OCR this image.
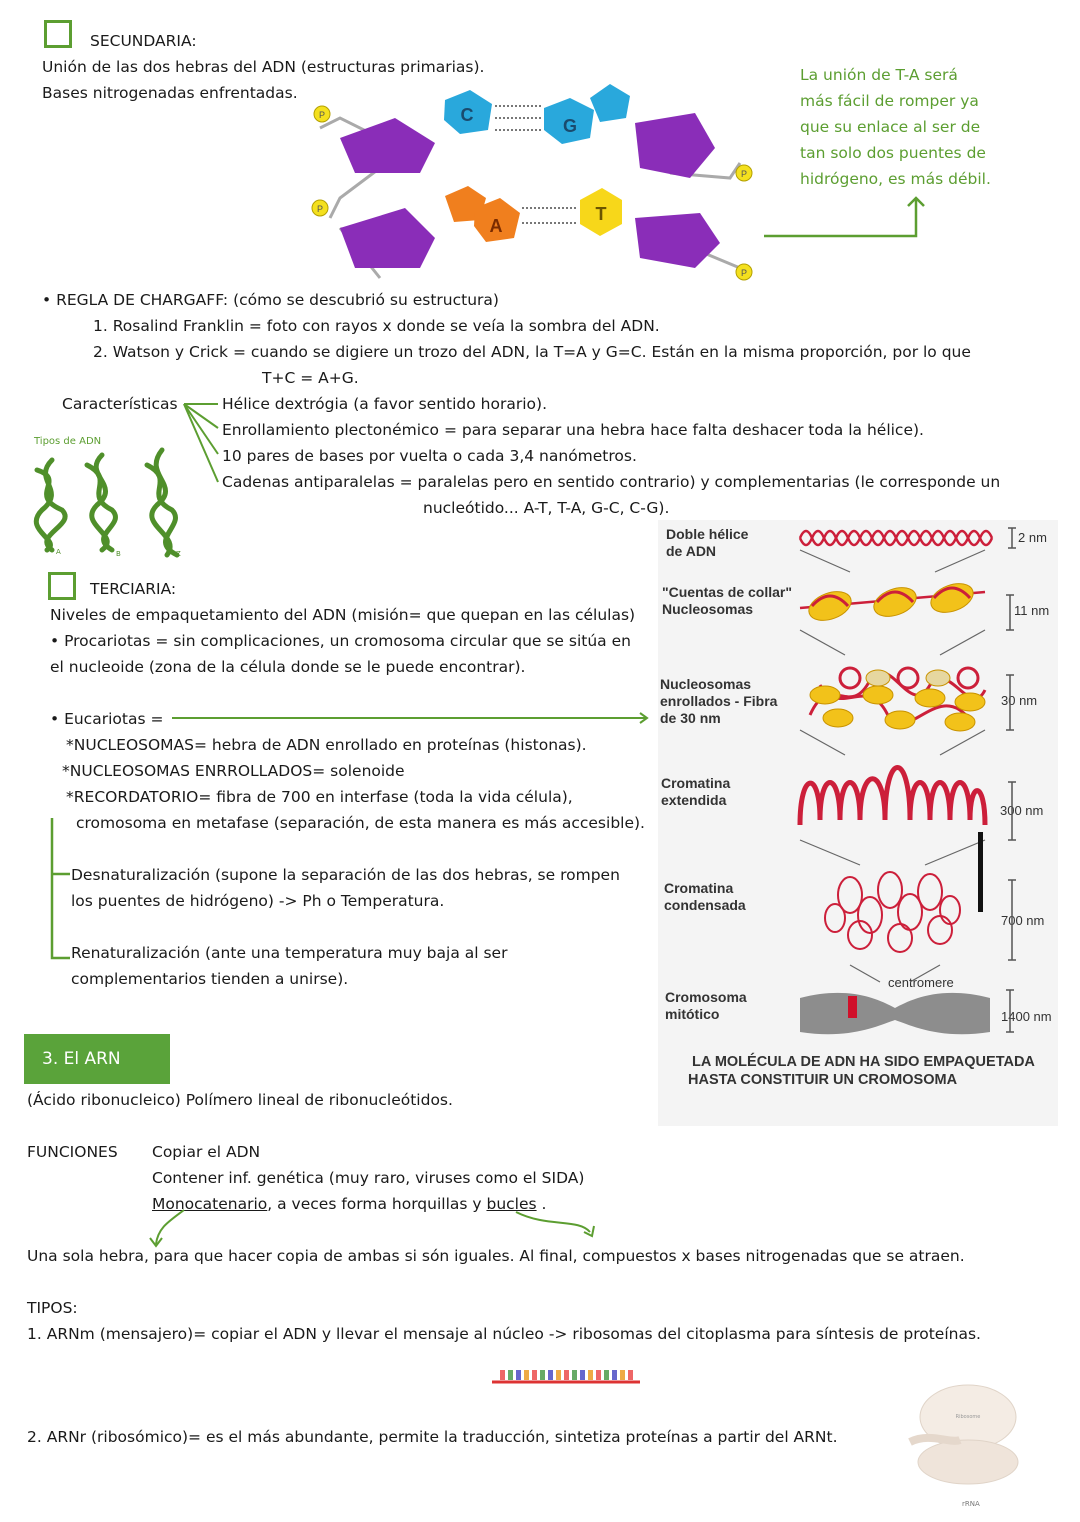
SECUNDARIA:
Unión de las dos hebras del ADN (estructuras primarias).
Bases nitrogenadas enfrentadas.
C
G
A
T
P
P
P
P
La unión de T-A será
más fácil de romper ya
que su enlace al ser de
tan solo dos puentes de
hidrógeno, es más débil.
• REGLA DE CHARGAFF: (cómo se descubrió su estructura)
1. Rosalind Franklin = foto con rayos x donde se veía la sombra del ADN.
2. Watson y Crick = cuando se digiere un trozo del ADN, la T=A y G=C. Están en la misma proporción, por lo que
T+C = A+G.
Características	Hélice dextrógia (a favor sentido horario).
Enrollamiento plectonémico = para separar una hebra hace falta deshacer toda la hélice).
10 pares de bases por vuelta o cada 3,4 nanómetros.
Cadenas antiparalelas = paralelas pero en sentido contrario) y complementarias (le corresponde un
nucleótido... A-T, T-A, G-C, C-G).
Tipos de ADN
A	B	Z
TERCIARIA:
Niveles de empaquetamiento del ADN (misión= que quepan en las células)
• Procariotas = sin complicaciones, un cromosoma circular que se sitúa en
el nucleoide (zona de la célula donde se le puede encontrar).
• Eucariotas =
*NUCLEOSOMAS= hebra de ADN enrollado en proteínas (histonas).
*NUCLEOSOMAS ENRROLLADOS= solenoide
*RECORDATORIO= fibra de 700 en interfase (toda la vida célula),
cromosoma en metafase (separación, de esta manera es más accesible).
Desnaturalización (supone la separación de las dos hebras, se rompen
los puentes de hidrógeno) -> Ph o Temperatura.
Renaturalización (ante una temperatura muy baja al ser
complementarios tienden a unirse).
Doble hélice
de ADN
"Cuentas de collar"
Nucleosomas
Nucleosomas
enrollados - Fibra
de 30 nm
Cromatina
extendida
Cromatina
condensada
Cromosoma
mitótico
2 nm
11 nm
30 nm
300 nm
700 nm
1400 nm
centromere
LA MOLÉCULA DE ADN HA SIDO EMPAQUETADA
HASTA CONSTITUIR UN CROMOSOMA
3. El ARN
(Ácido ribonucleico) Polímero lineal de ribonucleótidos.
FUNCIONES Copiar el ADN
Contener inf. genética (muy raro, viruses como el SIDA)
Monocatenario, a veces forma horquillas y bucles .
Una sola hebra, para que hacer copia de ambas si són iguales. Al final, compuestos x bases nitrogenadas que se atraen.
TIPOS:
1. ARNm (mensajero)= copiar el ADN y llevar el mensaje al núcleo -> ribosomas del citoplasma para síntesis de proteínas.
2. ARNr (ribosómico)= es el más abundante, permite la traducción, sintetiza proteínas a partir del ARNt.
Ribosome
rRNA
